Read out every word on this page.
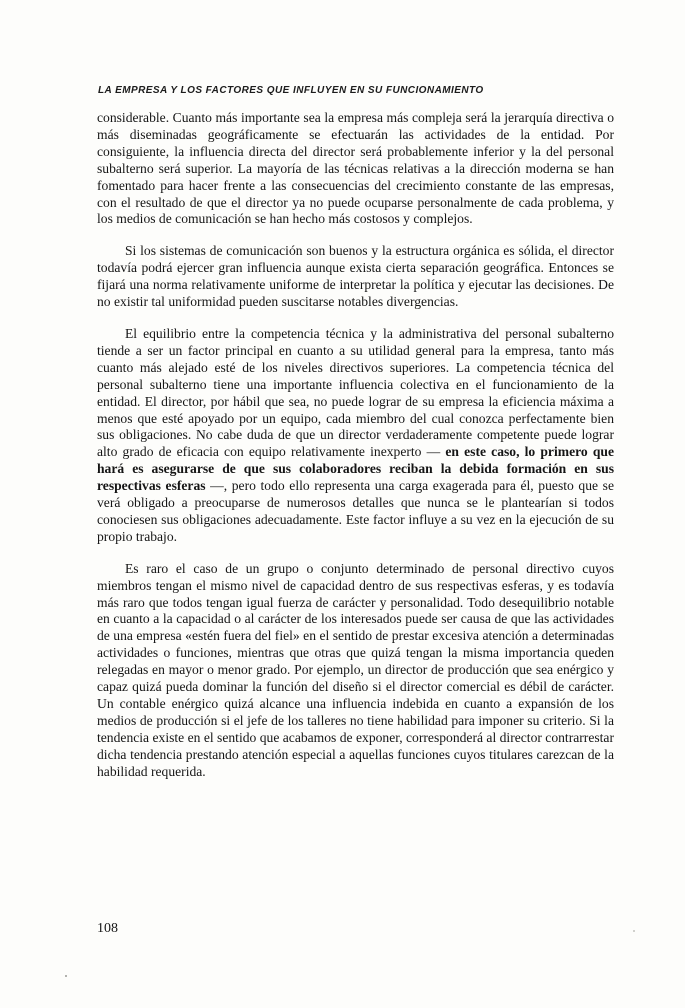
LA EMPRESA Y LOS FACTORES QUE INFLUYEN EN SU FUNCIONAMIENTO

considerable. Cuanto más importante sea la empresa más compleja será la jerarquía directiva o más diseminadas geográficamente se efectuarán las actividades de la entidad. Por consiguiente, la influencia directa del director será probablemente inferior y la del personal subalterno será superior. La mayoría de las técnicas relativas a la dirección moderna se han fomentado para hacer frente a las consecuencias del crecimiento constante de las empresas, con el resultado de que el director ya no puede ocuparse personalmente de cada problema, y los medios de comunicación se han hecho más costosos y complejos.

Si los sistemas de comunicación son buenos y la estructura orgánica es sólida, el director todavía podrá ejercer gran influencia aunque exista cierta separación geográfica. Entonces se fijará una norma relativamente uniforme de interpretar la política y ejecutar las decisiones. De no existir tal uniformidad pueden suscitarse notables divergencias.

El equilibrio entre la competencia técnica y la administrativa del personal subalterno tiende a ser un factor principal en cuanto a su utilidad general para la empresa, tanto más cuanto más alejado esté de los niveles directivos superiores. La competencia técnica del personal subalterno tiene una importante influencia colectiva en el funcionamiento de la entidad. El director, por hábil que sea, no puede lograr de su empresa la eficiencia máxima a menos que esté apoyado por un equipo, cada miembro del cual conozca perfectamente bien sus obligaciones. No cabe duda de que un director verdaderamente competente puede lograr alto grado de eficacia con equipo relativamente inexperto — en este caso, lo primero que hará es asegurarse de que sus colaboradores reciban la debida formación en sus respectivas esferas —, pero todo ello representa una carga exagerada para él, puesto que se verá obligado a preocuparse de numerosos detalles que nunca se le plantearían si todos conociesen sus obligaciones adecuadamente. Este factor influye a su vez en la ejecución de su propio trabajo.

Es raro el caso de un grupo o conjunto determinado de personal directivo cuyos miembros tengan el mismo nivel de capacidad dentro de sus respectivas esferas, y es todavía más raro que todos tengan igual fuerza de carácter y personalidad. Todo desequilibrio notable en cuanto a la capacidad o al carácter de los interesados puede ser causa de que las actividades de una empresa «estén fuera del fiel» en el sentido de prestar excesiva atención a determinadas actividades o funciones, mientras que otras que quizá tengan la misma importancia queden relegadas en mayor o menor grado. Por ejemplo, un director de producción que sea enérgico y capaz quizá pueda dominar la función del diseño si el director comercial es débil de carácter. Un contable enérgico quizá alcance una influencia indebida en cuanto a expansión de los medios de producción si el jefe de los talleres no tiene habilidad para imponer su criterio. Si la tendencia existe en el sentido que acabamos de exponer, corresponderá al director contrarrestar dicha tendencia prestando atención especial a aquellas funciones cuyos titulares carezcan de la habilidad requerida.

108
